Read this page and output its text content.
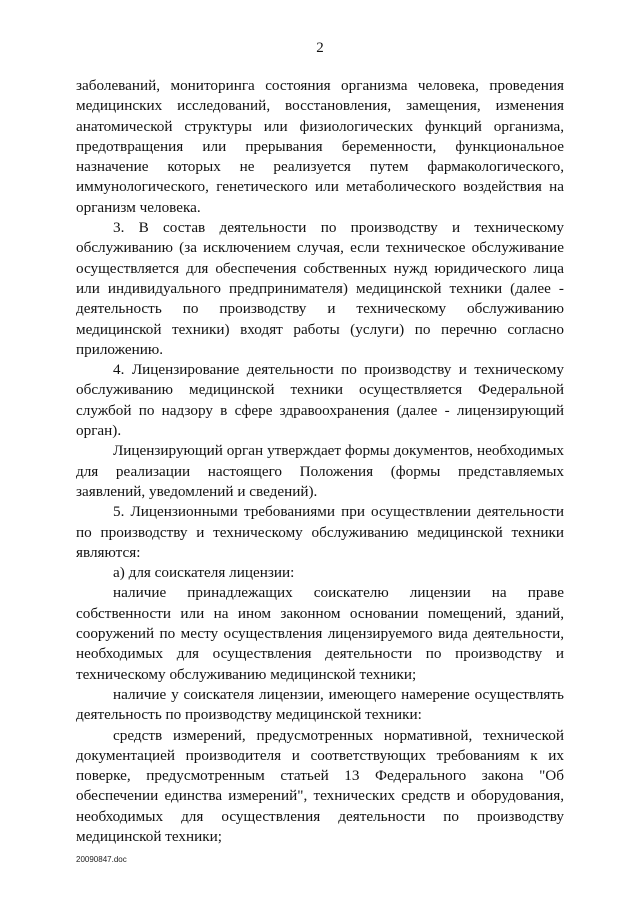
2

заболеваний, мониторинга состояния организма человека, проведения медицинских исследований, восстановления, замещения, изменения анатомической структуры или физиологических функций организма, предотвращения или прерывания беременности, функциональное назначение которых не реализуется путем фармакологического, иммунологического, генетического или метаболического воздействия на организм человека.

3. В состав деятельности по производству и техническому обслуживанию (за исключением случая, если техническое обслуживание осуществляется для обеспечения собственных нужд юридического лица или индивидуального предпринимателя) медицинской техники (далее - деятельность по производству и техническому обслуживанию медицинской техники) входят работы (услуги) по перечню согласно приложению.

4. Лицензирование деятельности по производству и техническому обслуживанию медицинской техники осуществляется Федеральной службой по надзору в сфере здравоохранения (далее - лицензирующий орган).

Лицензирующий орган утверждает формы документов, необходимых для реализации настоящего Положения (формы представляемых заявлений, уведомлений и сведений).

5. Лицензионными требованиями при осуществлении деятельности по производству и техническому обслуживанию медицинской техники являются:

а) для соискателя лицензии:

наличие принадлежащих соискателю лицензии на праве собственности или на ином законном основании помещений, зданий, сооружений по месту осуществления лицензируемого вида деятельности, необходимых для осуществления деятельности по производству и техническому обслуживанию медицинской техники;

наличие у соискателя лицензии, имеющего намерение осуществлять деятельность по производству медицинской техники:

средств измерений, предусмотренных нормативной, технической документацией производителя и соответствующих требованиям к их поверке, предусмотренным статьей 13 Федерального закона "Об обеспечении единства измерений", технических средств и оборудования, необходимых для осуществления деятельности по производству медицинской техники;

20090847.doc
